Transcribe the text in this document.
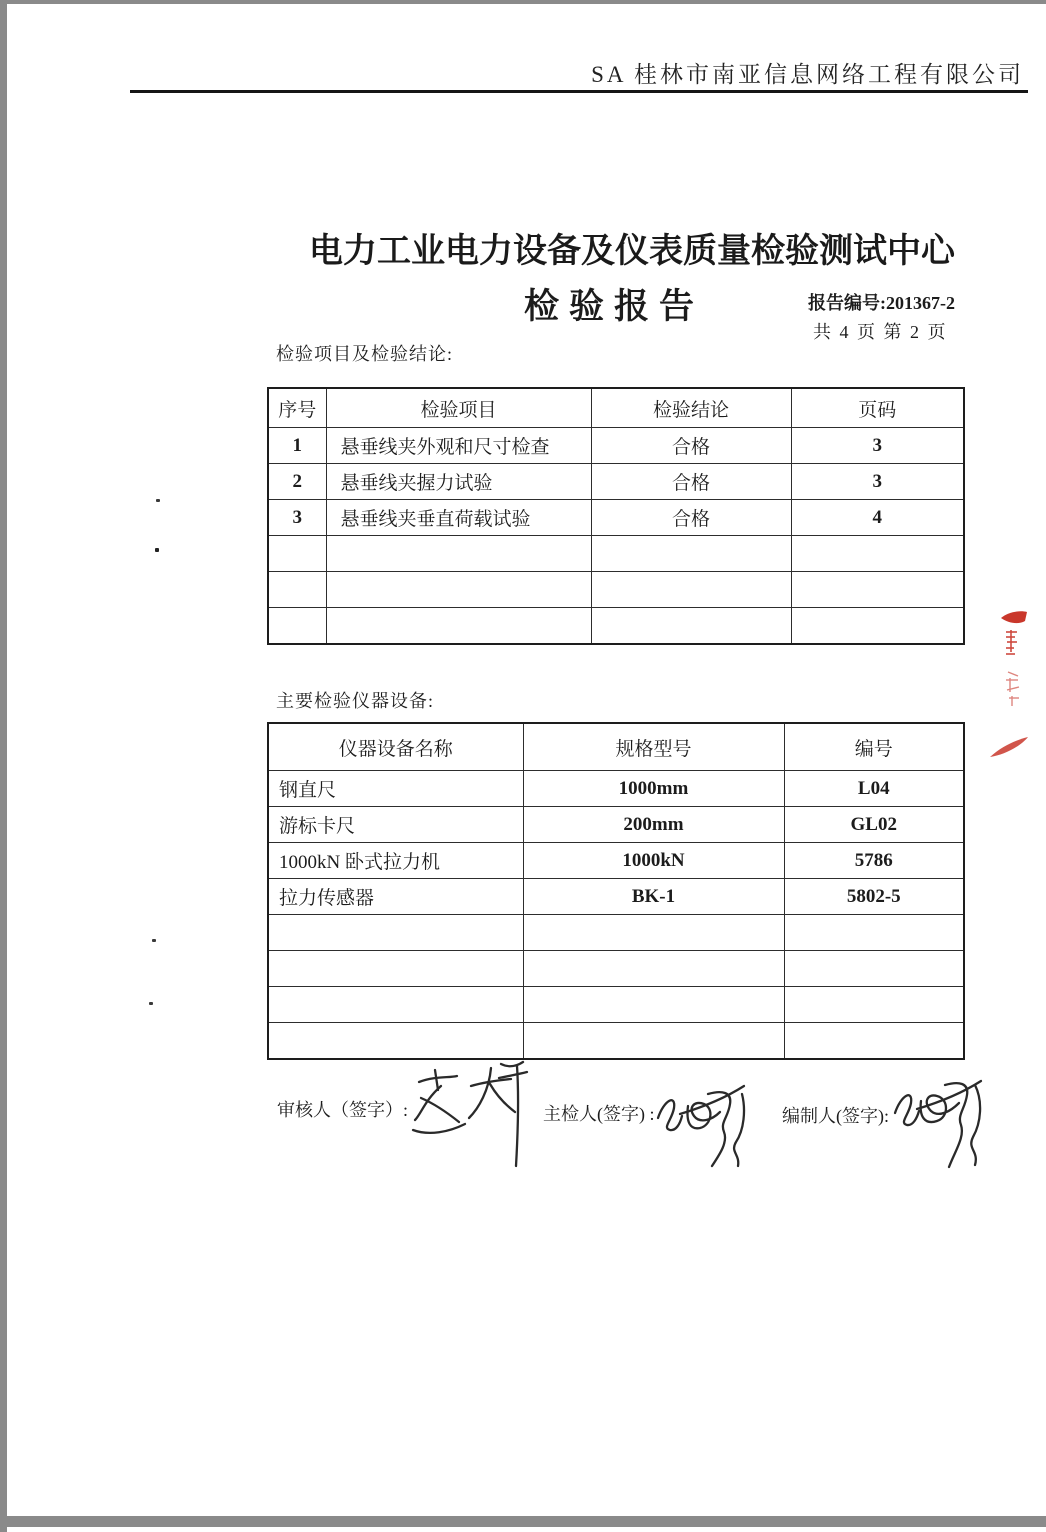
SA 桂林市南亚信息网络工程有限公司
电力工业电力设备及仪表质量检验测试中心
检验报告	报告编号:201367-2
共 4 页 第 2 页
检验项目及检验结论:
序号	检验项目	检验结论	页码
1	悬垂线夹外观和尺寸检查	合格	3
2	悬垂线夹握力试验	合格	3
3	悬垂线夹垂直荷载试验	合格	4

主要检验仪器设备:
仪器设备名称	规格型号	编号
钢直尺	1000mm	L04
游标卡尺	200mm	GL02
1000kN 卧式拉力机	1000kN	5786
拉力传感器	BK-1	5802-5

审核人（签字）:	主检人(签字) :	编制人(签字):
